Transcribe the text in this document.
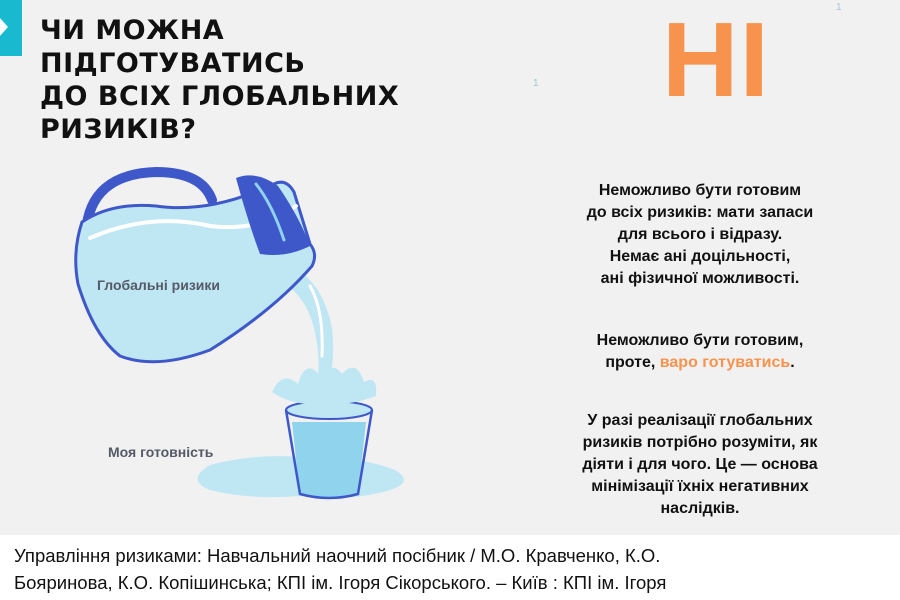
ЧИ МОЖНА
ПІДГОТУВАТИСЬ
ДО ВСІХ ГЛОБАЛЬНИХ РИЗИКІВ?
1
1
НІ
Глобальні ризики
Моя готовність
Неможливо бути готовим
до всіх ризиків: мати запаси
для всього і відразу.
Немає ані доцільності,
ані фізичної можливості.
Неможливо бути готовим,
проте, варо готуватись.
У разі реалізації глобальних
ризиків потрібно розуміти, як
діяти і для чого. Це — основа
мінімізації їхніх негативних
наслідків.
Управління ризиками: Навчальний наочний посібник / М.О. Кравченко, К.О.
Бояринова, К.О. Копішинська; КПІ ім. Ігоря Сікорського. – Київ : КПІ ім. Ігоря
